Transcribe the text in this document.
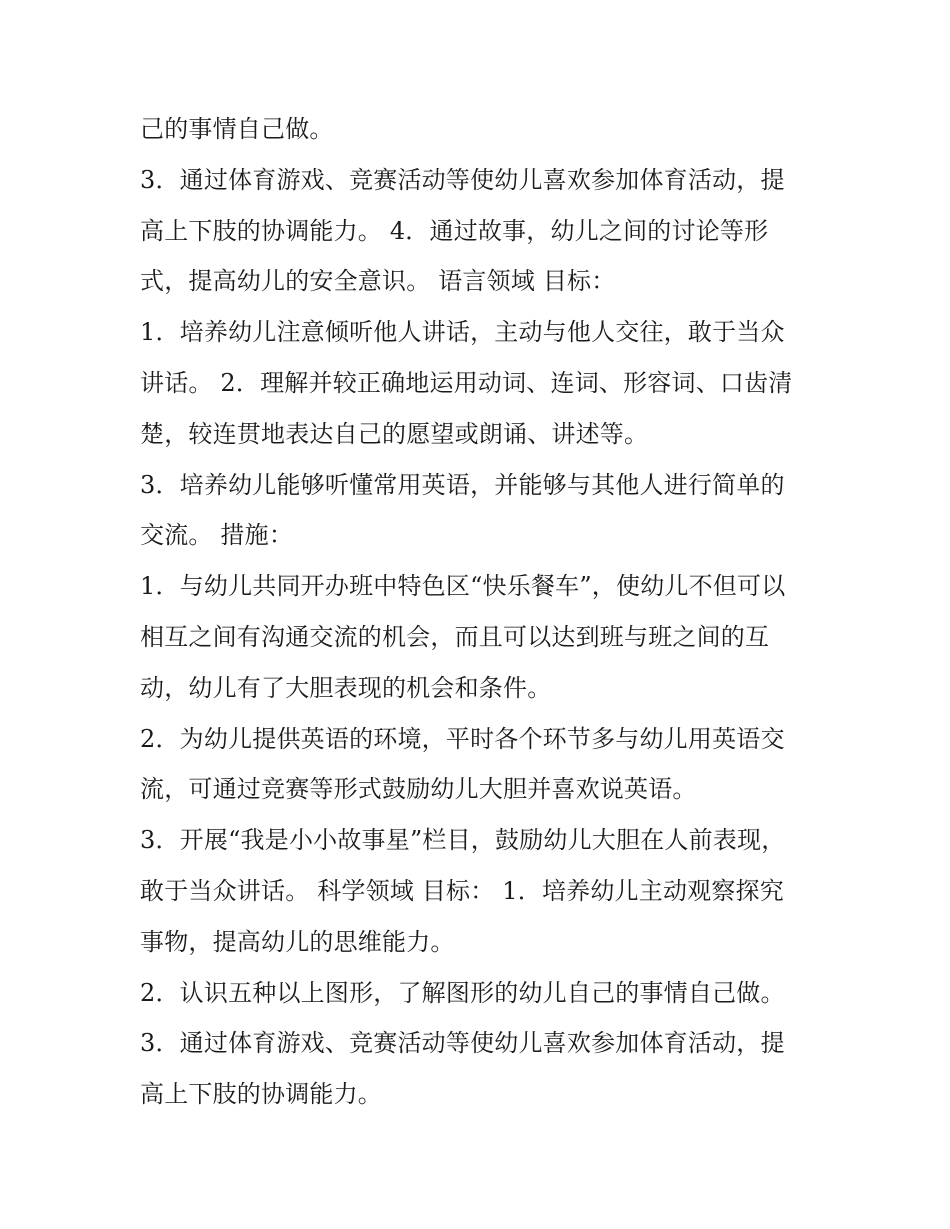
己的事情自己做。
3．通过体育游戏、竞赛活动等使幼儿喜欢参加体育活动，提
高上下肢的协调能力。 4．通过故事，幼儿之间的讨论等形
式，提高幼儿的安全意识。 语言领域 目标：
1．培养幼儿注意倾听他人讲话，主动与他人交往，敢于当众
讲话。 2．理解并较正确地运用动词、连词、形容词、口齿清
楚，较连贯地表达自己的愿望或朗诵、讲述等。
3．培养幼儿能够听懂常用英语，并能够与其他人进行简单的
交流。 措施：
1．与幼儿共同开办班中特色区“快乐餐车”，使幼儿不但可以
相互之间有沟通交流的机会，而且可以达到班与班之间的互
动，幼儿有了大胆表现的机会和条件。
2．为幼儿提供英语的环境，平时各个环节多与幼儿用英语交
流，可通过竞赛等形式鼓励幼儿大胆并喜欢说英语。
3．开展“我是小小故事星”栏目，鼓励幼儿大胆在人前表现，
敢于当众讲话。 科学领域 目标： 1．培养幼儿主动观察探究
事物，提高幼儿的思维能力。
2．认识五种以上图形，了解图形的幼儿自己的事情自己做。
3．通过体育游戏、竞赛活动等使幼儿喜欢参加体育活动，提
高上下肢的协调能力。
